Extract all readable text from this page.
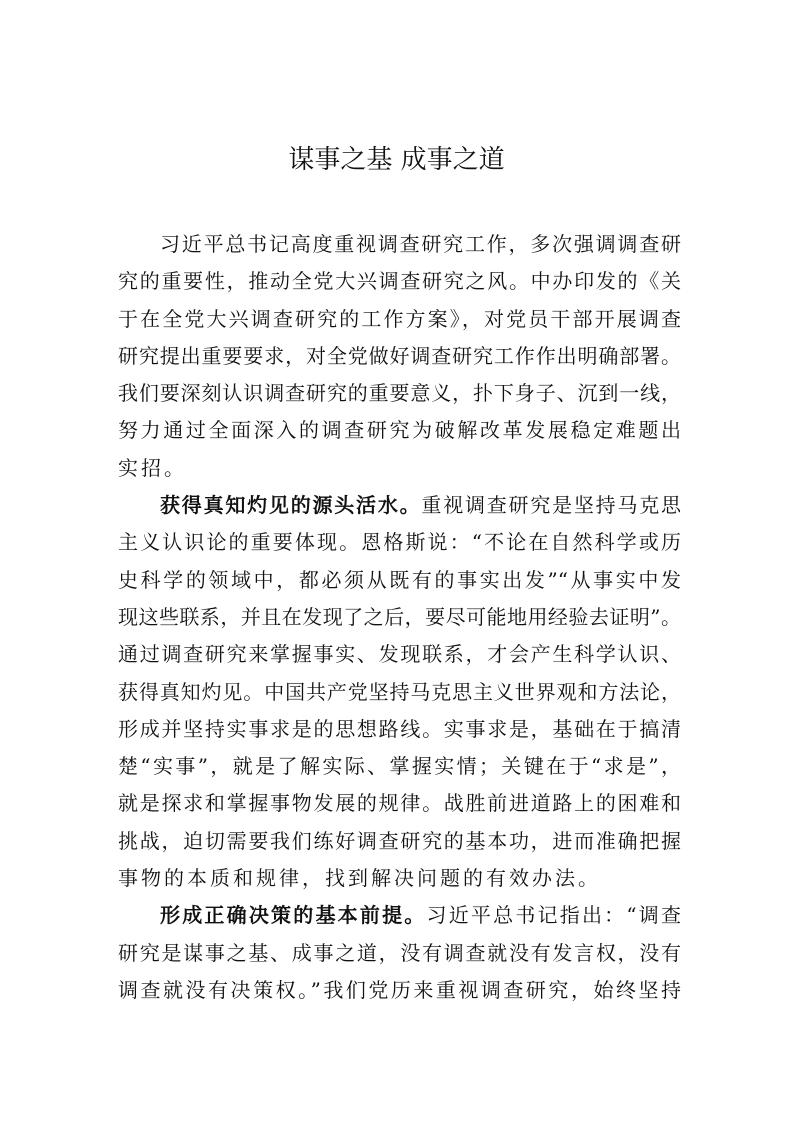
谋事之基 成事之道
习近平总书记高度重视调查研究工作，多次强调调查研
究的重要性，推动全党大兴调查研究之风。中办印发的《关
于在全党大兴调查研究的工作方案》，对党员干部开展调查
研究提出重要要求，对全党做好调查研究工作作出明确部署。
我们要深刻认识调查研究的重要意义，扑下身子、沉到一线，
努力通过全面深入的调查研究为破解改革发展稳定难题出
实招。
获得真知灼见的源头活水。重视调查研究是坚持马克思
主义认识论的重要体现。恩格斯说：“不论在自然科学或历
史科学的领域中，都必须从既有的事实出发”“从事实中发
现这些联系，并且在发现了之后，要尽可能地用经验去证明”。
通过调查研究来掌握事实、发现联系，才会产生科学认识、
获得真知灼见。中国共产党坚持马克思主义世界观和方法论，
形成并坚持实事求是的思想路线。实事求是，基础在于搞清
楚“实事”，就是了解实际、掌握实情；关键在于“求是”，
就是探求和掌握事物发展的规律。战胜前进道路上的困难和
挑战，迫切需要我们练好调查研究的基本功，进而准确把握
事物的本质和规律，找到解决问题的有效办法。
形成正确决策的基本前提。习近平总书记指出：“调查
研究是谋事之基、成事之道，没有调查就没有发言权，没有
调查就没有决策权。”我们党历来重视调查研究，始终坚持
